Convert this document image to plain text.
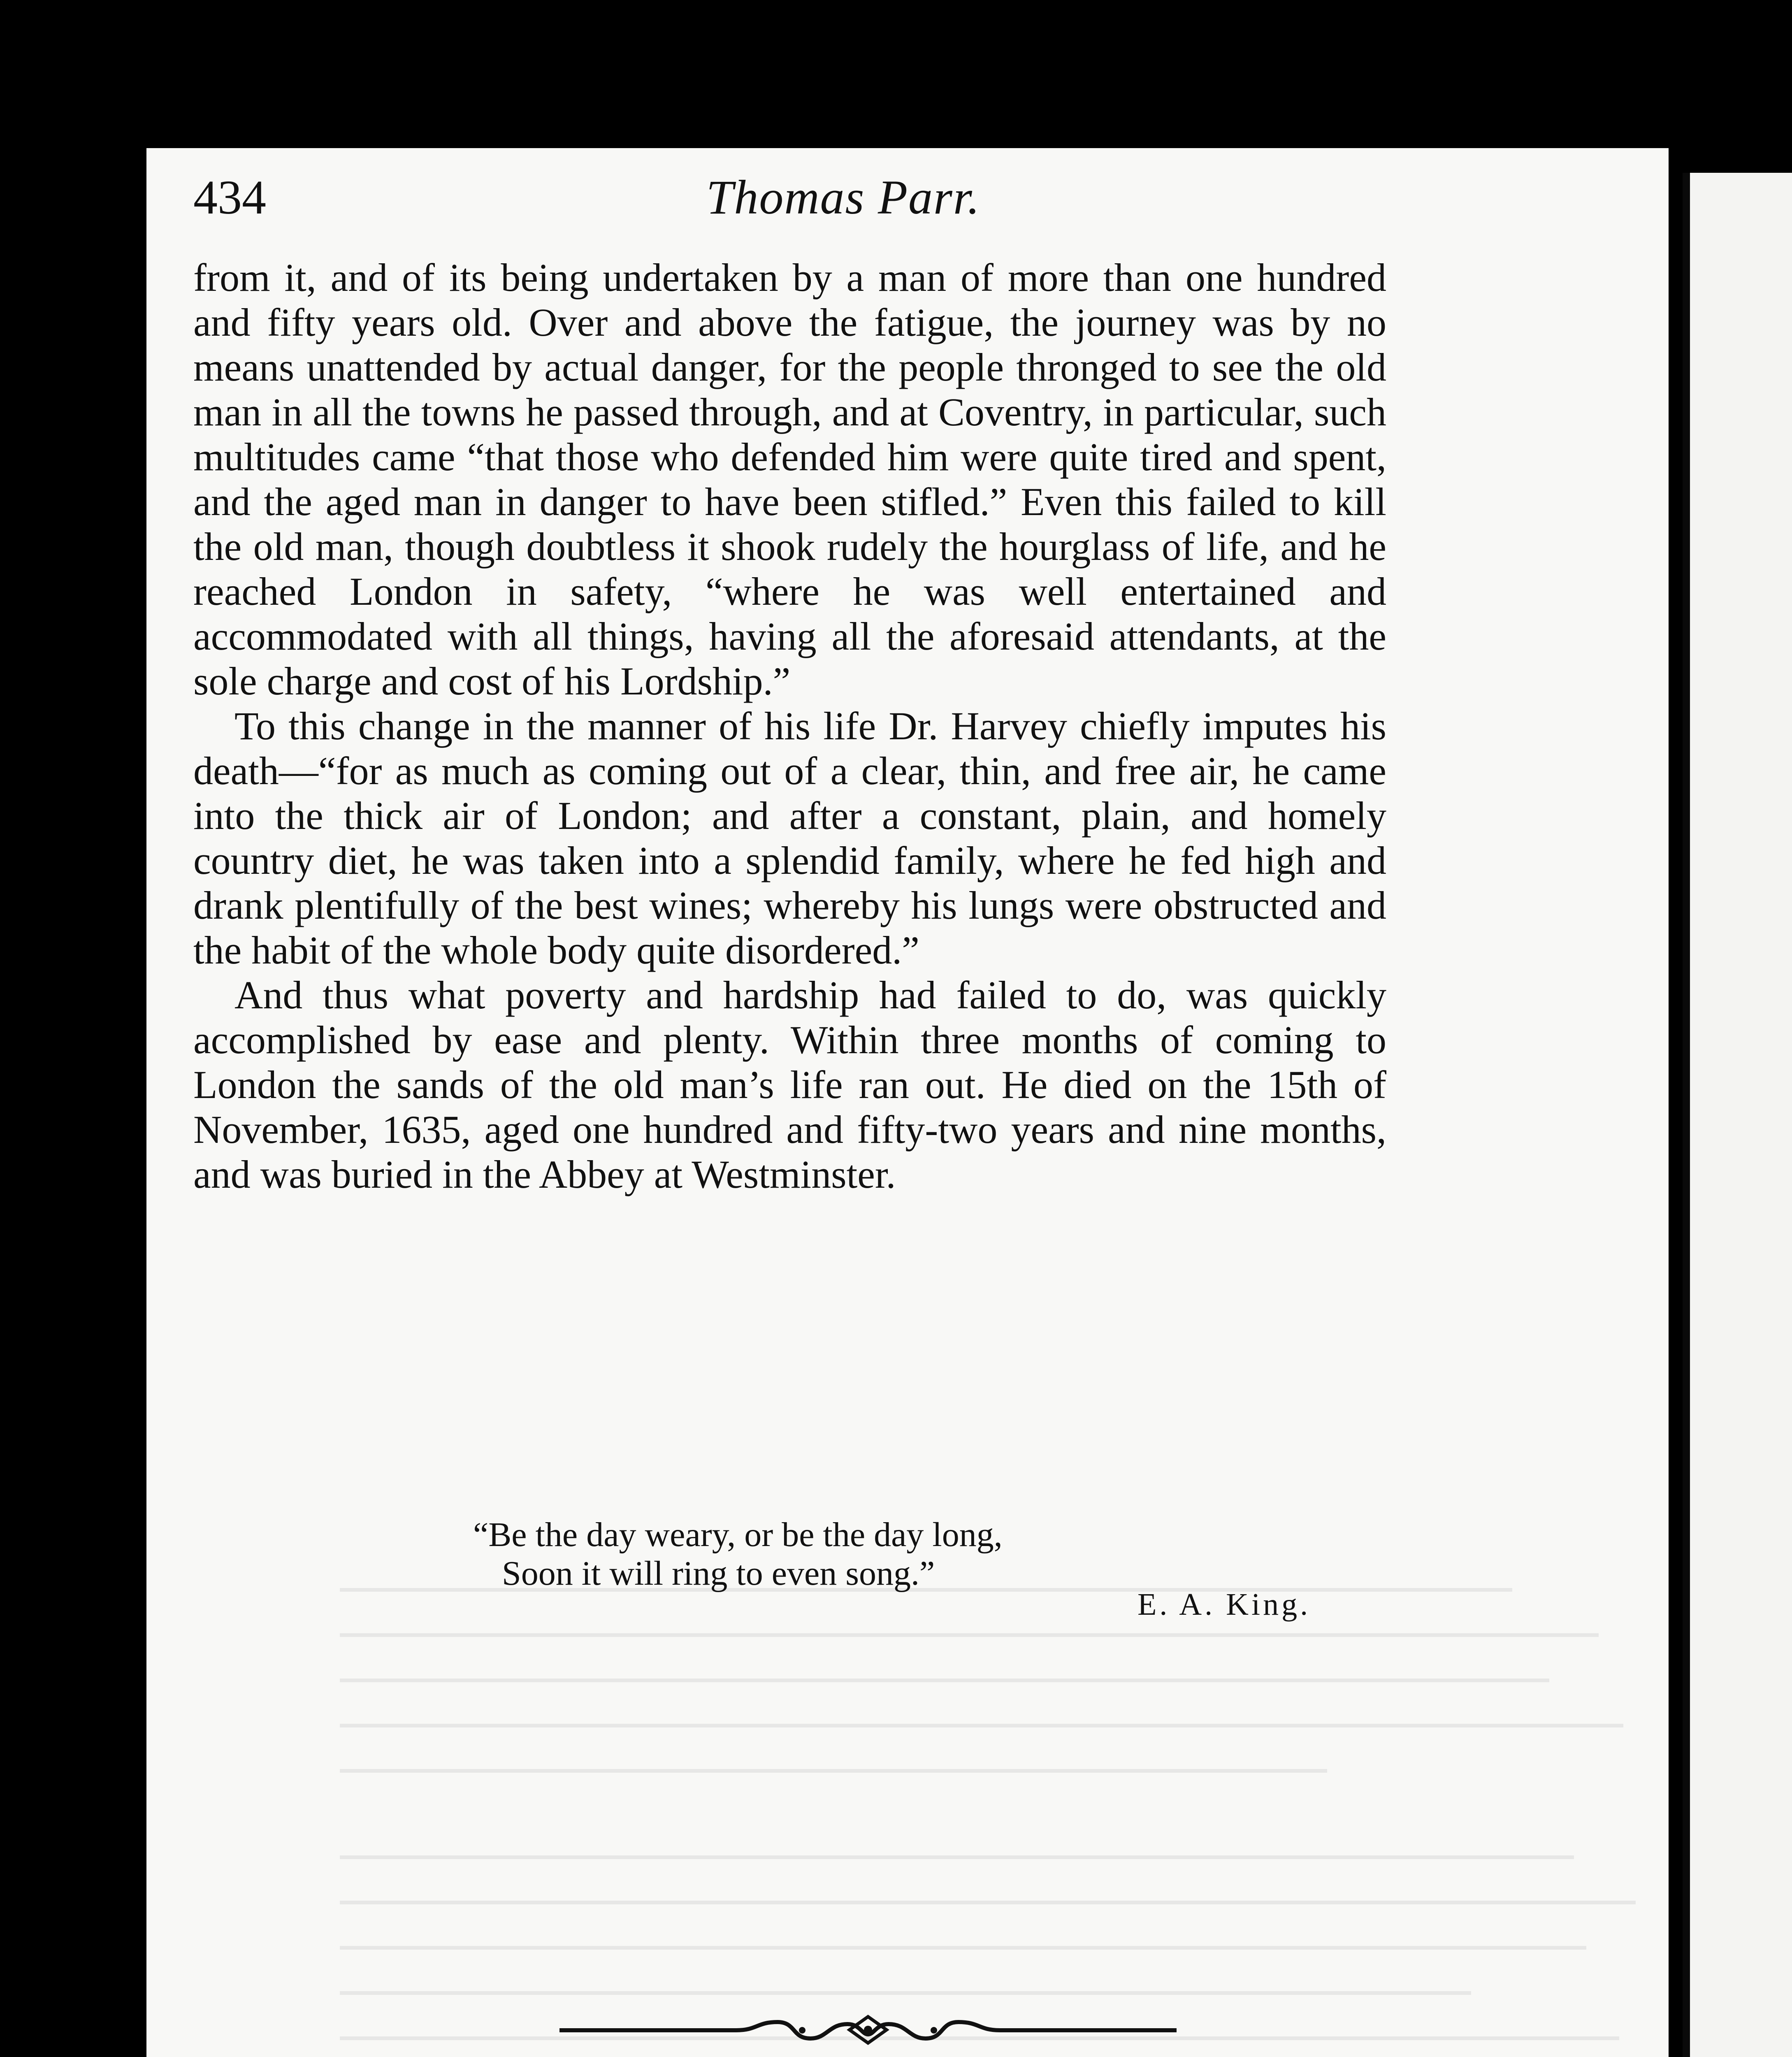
434	Thomas Parr.

from it, and of its being undertaken by a man of more than one hundred and fifty years old. Over and above the fatigue, the journey was by no means unattended by actual danger, for the people thronged to see the old man in all the towns he passed through, and at Coventry, in particular, such multitudes came “that those who defended him were quite tired and spent, and the aged man in danger to have been stifled.” Even this failed to kill the old man, though doubtless it shook rudely the hourglass of life, and he reached London in safety, “where he was well entertained and accommodated with all things, having all the aforesaid attendants, at the sole charge and cost of his Lordship.”

To this change in the manner of his life Dr. Harvey chiefly imputes his death—“for as much as coming out of a clear, thin, and free air, he came into the thick air of London; and after a constant, plain, and homely country diet, he was taken into a splendid family, where he fed high and drank plentifully of the best wines; whereby his lungs were obstructed and the habit of the whole body quite disordered.”

And thus what poverty and hardship had failed to do, was quickly accomplished by ease and plenty. Within three months of coming to London the sands of the old man’s life ran out. He died on the 15th of November, 1635, aged one hundred and fifty-two years and nine months, and was buried in the Abbey at Westminster.

“Be the day weary, or be the day long,
Soon it will ring to even song.”
E. A. King.
